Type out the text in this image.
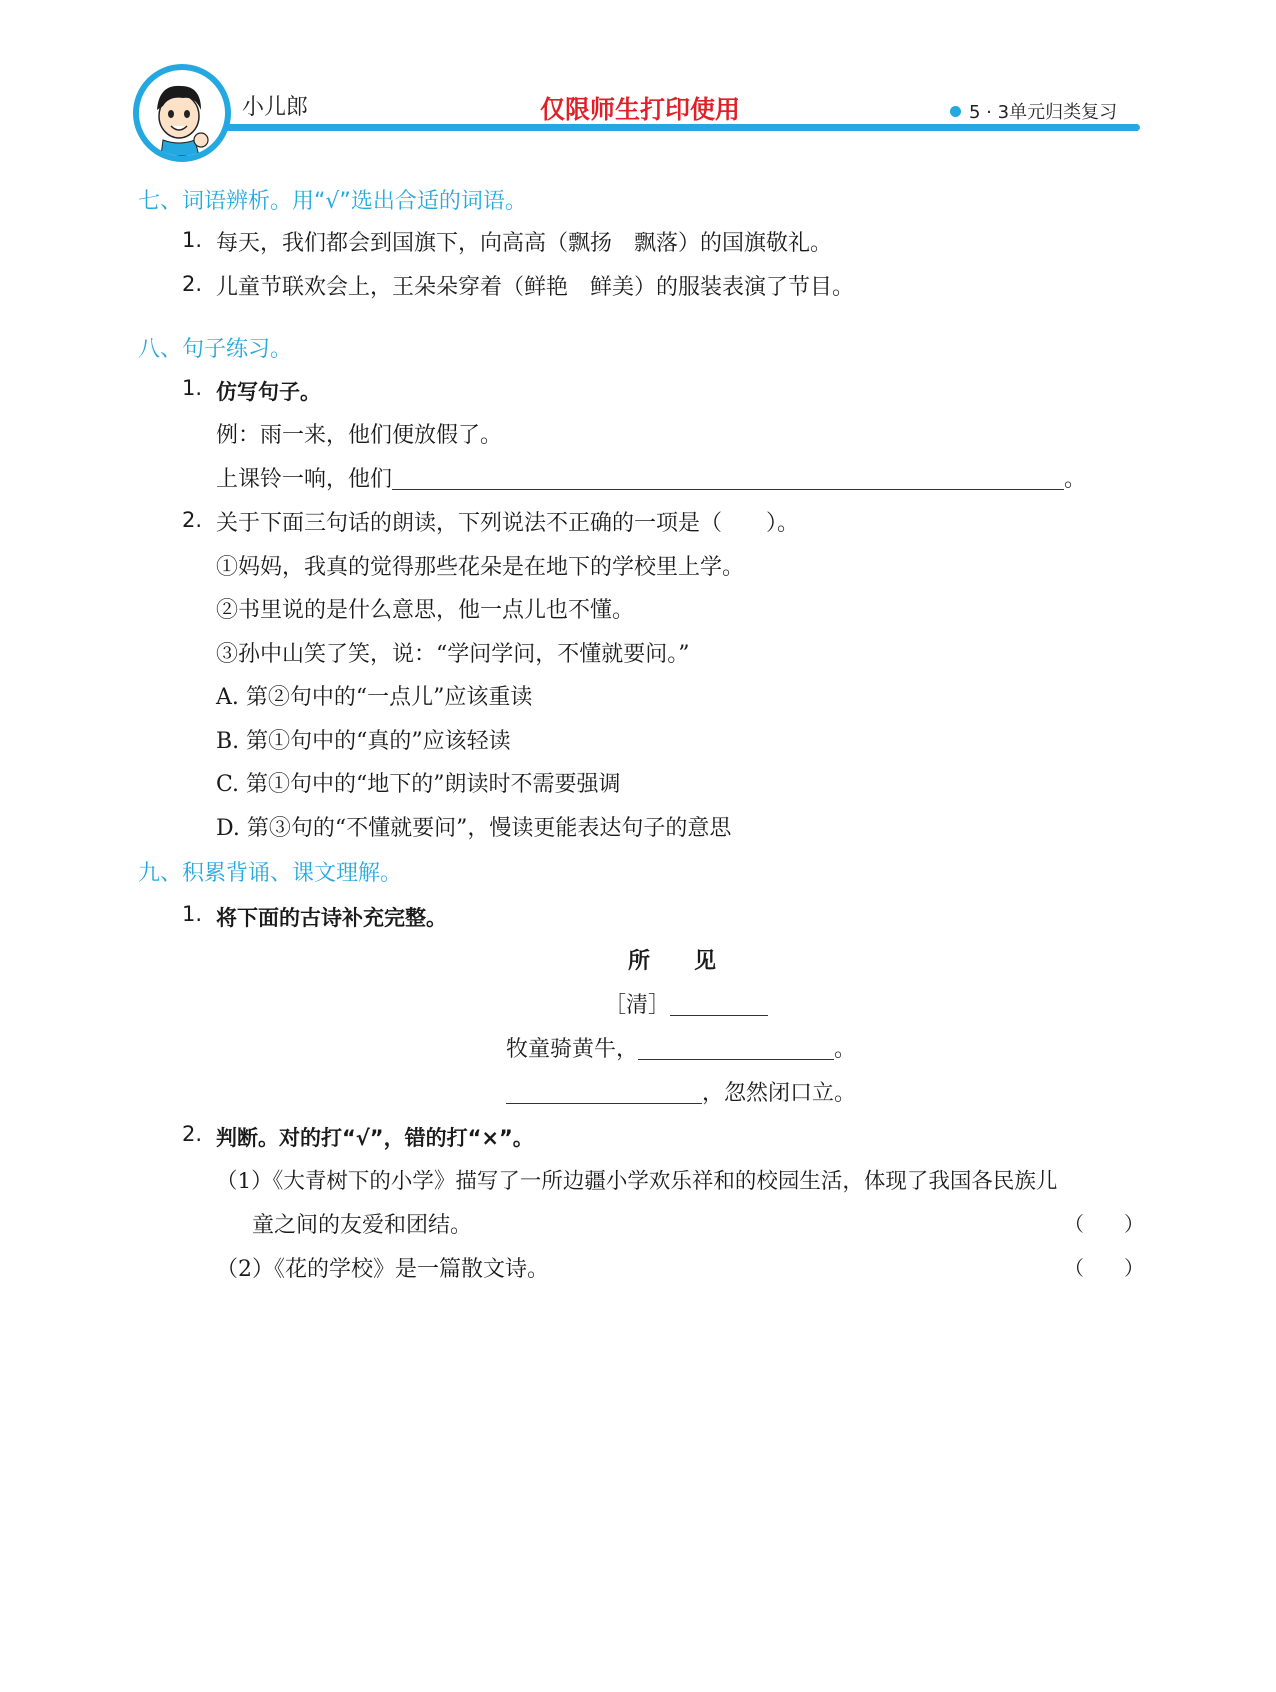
小儿郎	仅限师生打印使用	5 · 3单元归类复习
七、词语辨析。用“√”选出合适的词语。
1. 每天，我们都会到国旗下，向高高（飘扬　飘落）的国旗敬礼。
2. 儿童节联欢会上，王朵朵穿着（鲜艳　鲜美）的服装表演了节目。
八、句子练习。
1. 仿写句子。
例：雨一来，他们便放假了。
上课铃一响，他们	。
2. 关于下面三句话的朗读，下列说法不正确的一项是（　　）。
①妈妈，我真的觉得那些花朵是在地下的学校里上学。
②书里说的是什么意思，他一点儿也不懂。
③孙中山笑了笑，说：“学问学问，不懂就要问。”
A. 第②句中的“一点儿”应该重读
B. 第①句中的“真的”应该轻读
C. 第①句中的“地下的”朗读时不需要强调
D. 第③句的“不懂就要问”，慢读更能表达句子的意思
九、积累背诵、课文理解。
1. 将下面的古诗补充完整。
所　　见
［清］
牧童骑黄牛，	。
，忽然闭口立。
2. 判断。对的打“√”，错的打“×”。
（1）《大青树下的小学》描写了一所边疆小学欢乐祥和的校园生活，体现了我国各民族儿
童之间的友爱和团结。	（　　）
（2）《花的学校》是一篇散文诗。	（　　）
